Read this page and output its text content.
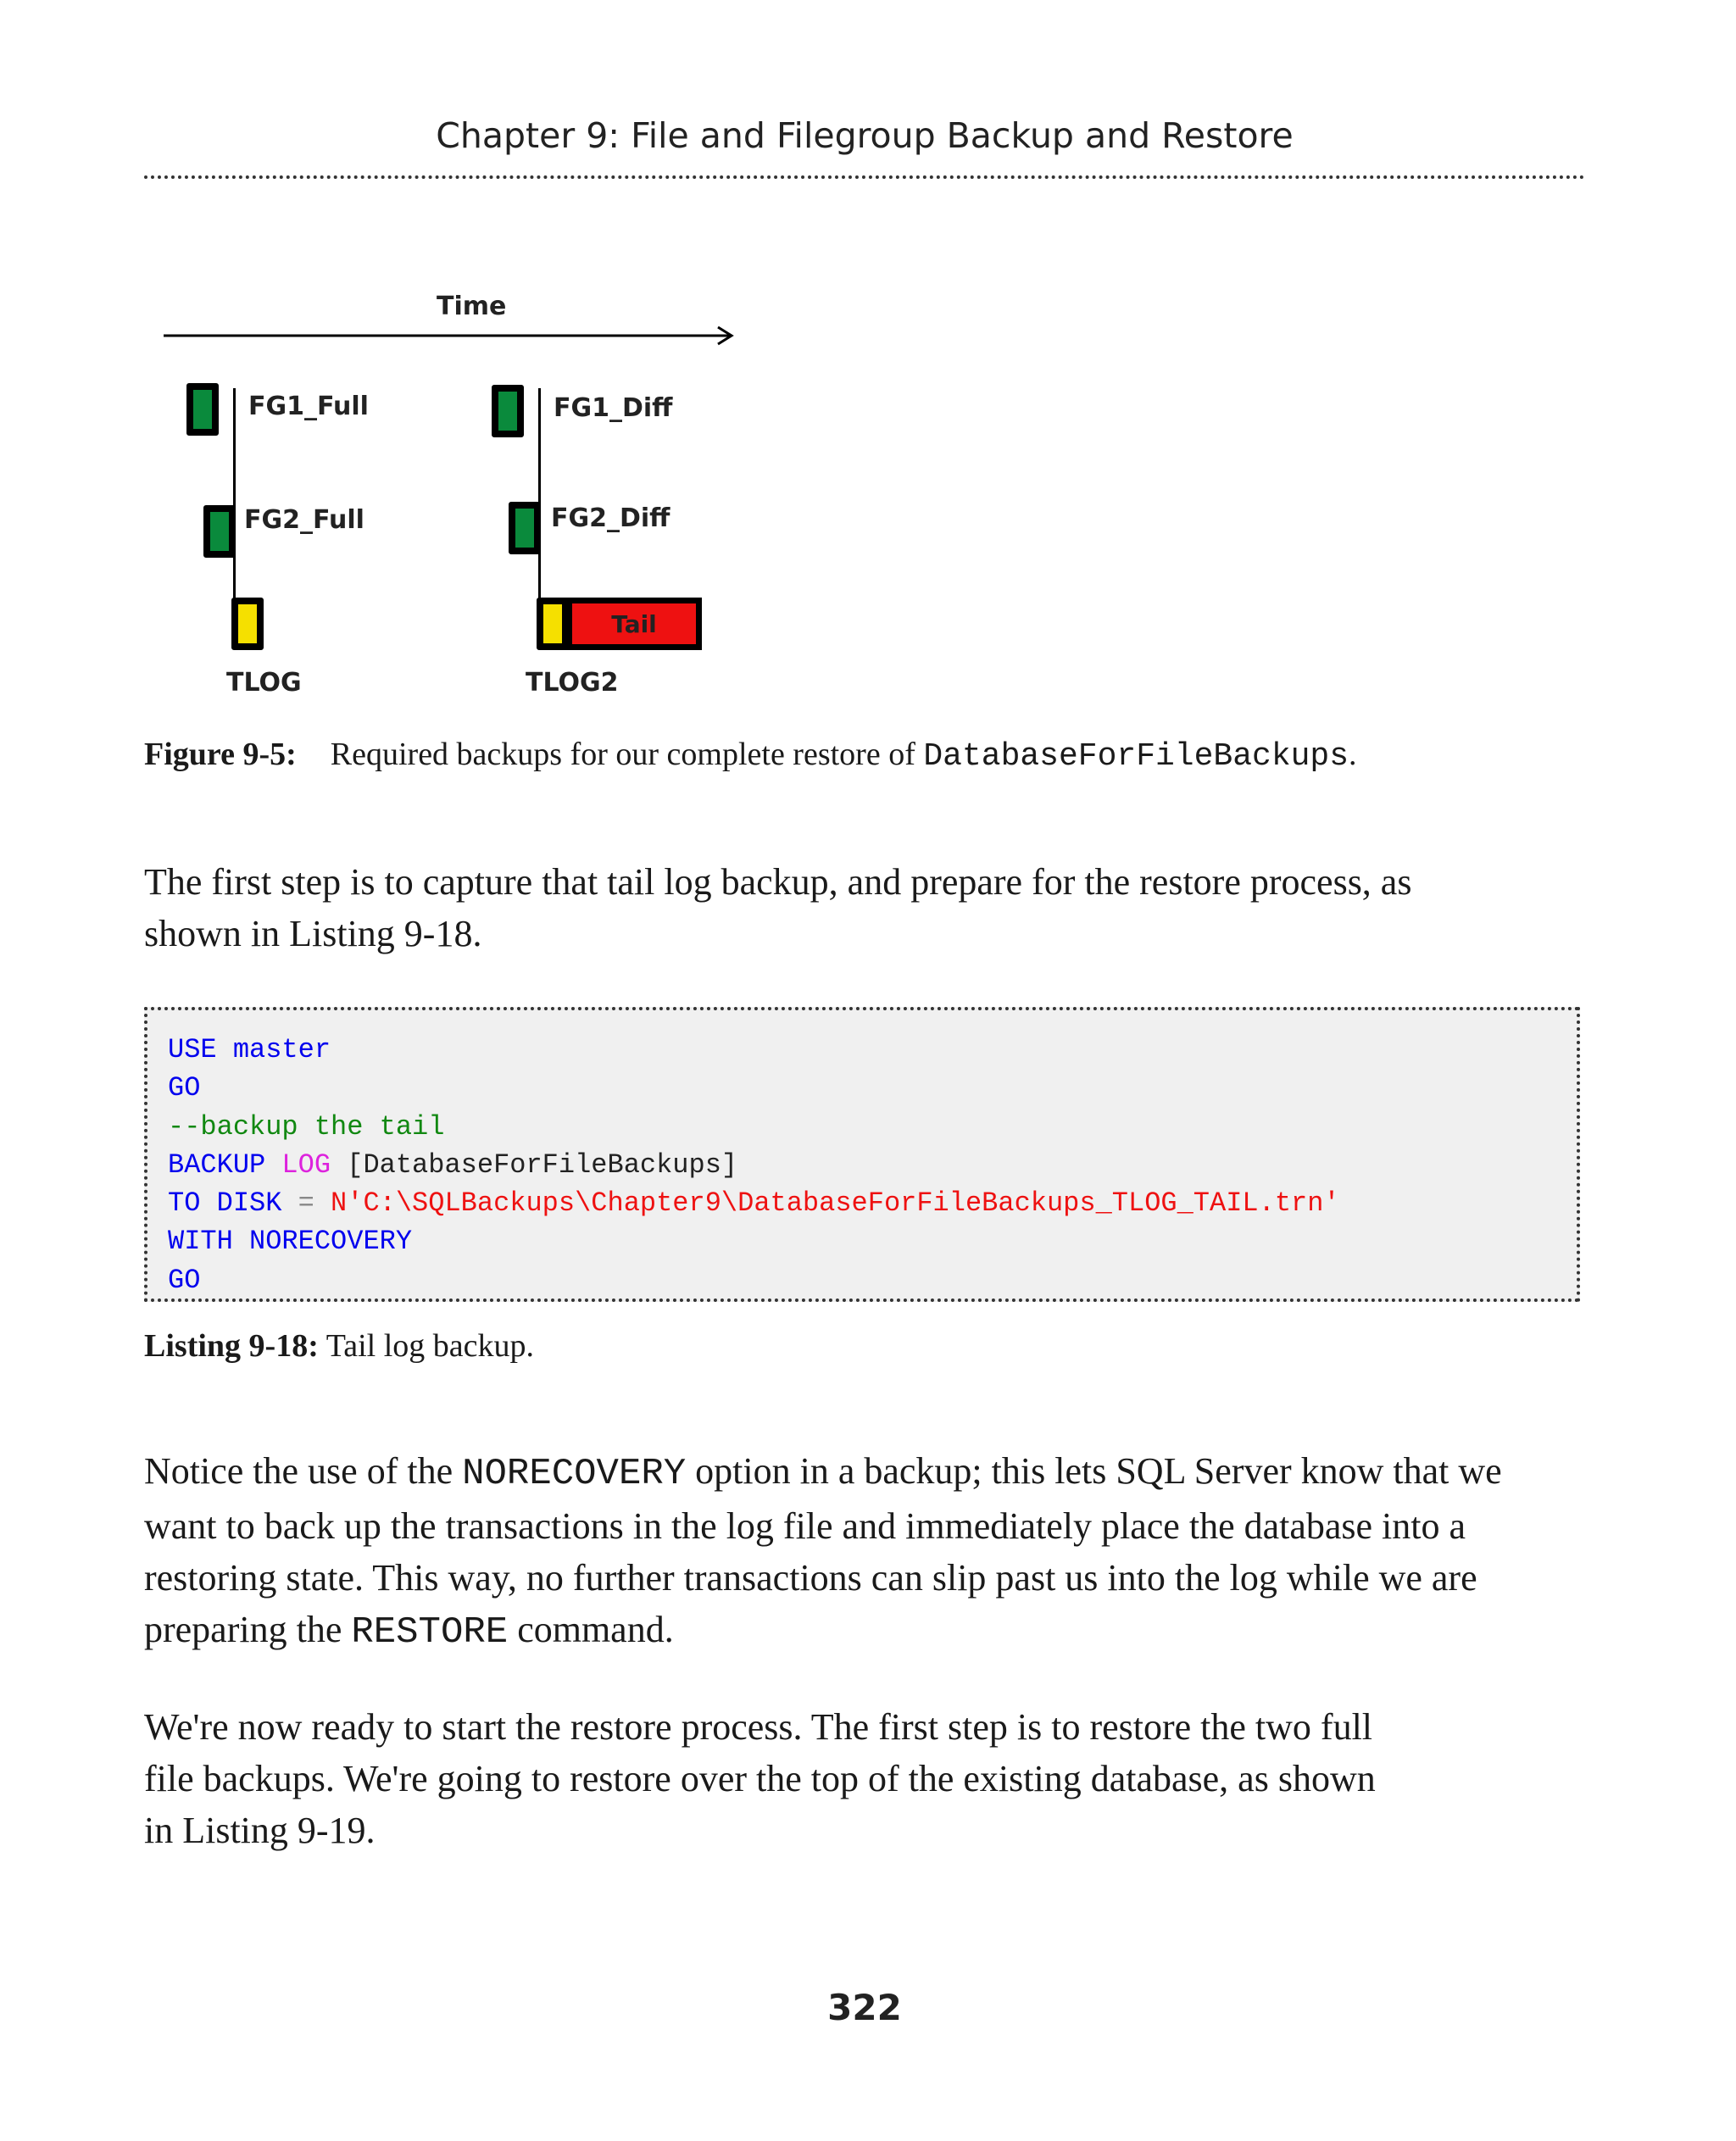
Chapter 9: File and Filegroup Backup and Restore
Time
FG1_Full
FG2_Full
TLOG
FG1_Diff
FG2_Diff
Tail
TLOG2
Figure 9-5: Required backups for our complete restore of DatabaseForFileBackups.
The first step is to capture that tail log backup, and prepare for the restore process, as
shown in Listing 9-18.
USE master
GO
--backup the tail
BACKUP LOG [DatabaseForFileBackups]
TO DISK = N'C:\SQLBackups\Chapter9\DatabaseForFileBackups_TLOG_TAIL.trn'
WITH NORECOVERY
GO
Listing 9-18: Tail log backup.
Notice the use of the NORECOVERY option in a backup; this lets SQL Server know that we
want to back up the transactions in the log file and immediately place the database into a
restoring state. This way, no further transactions can slip past us into the log while we are
preparing the RESTORE command.
We're now ready to start the restore process. The first step is to restore the two full
file backups. We're going to restore over the top of the existing database, as shown
in Listing 9-19.
322
